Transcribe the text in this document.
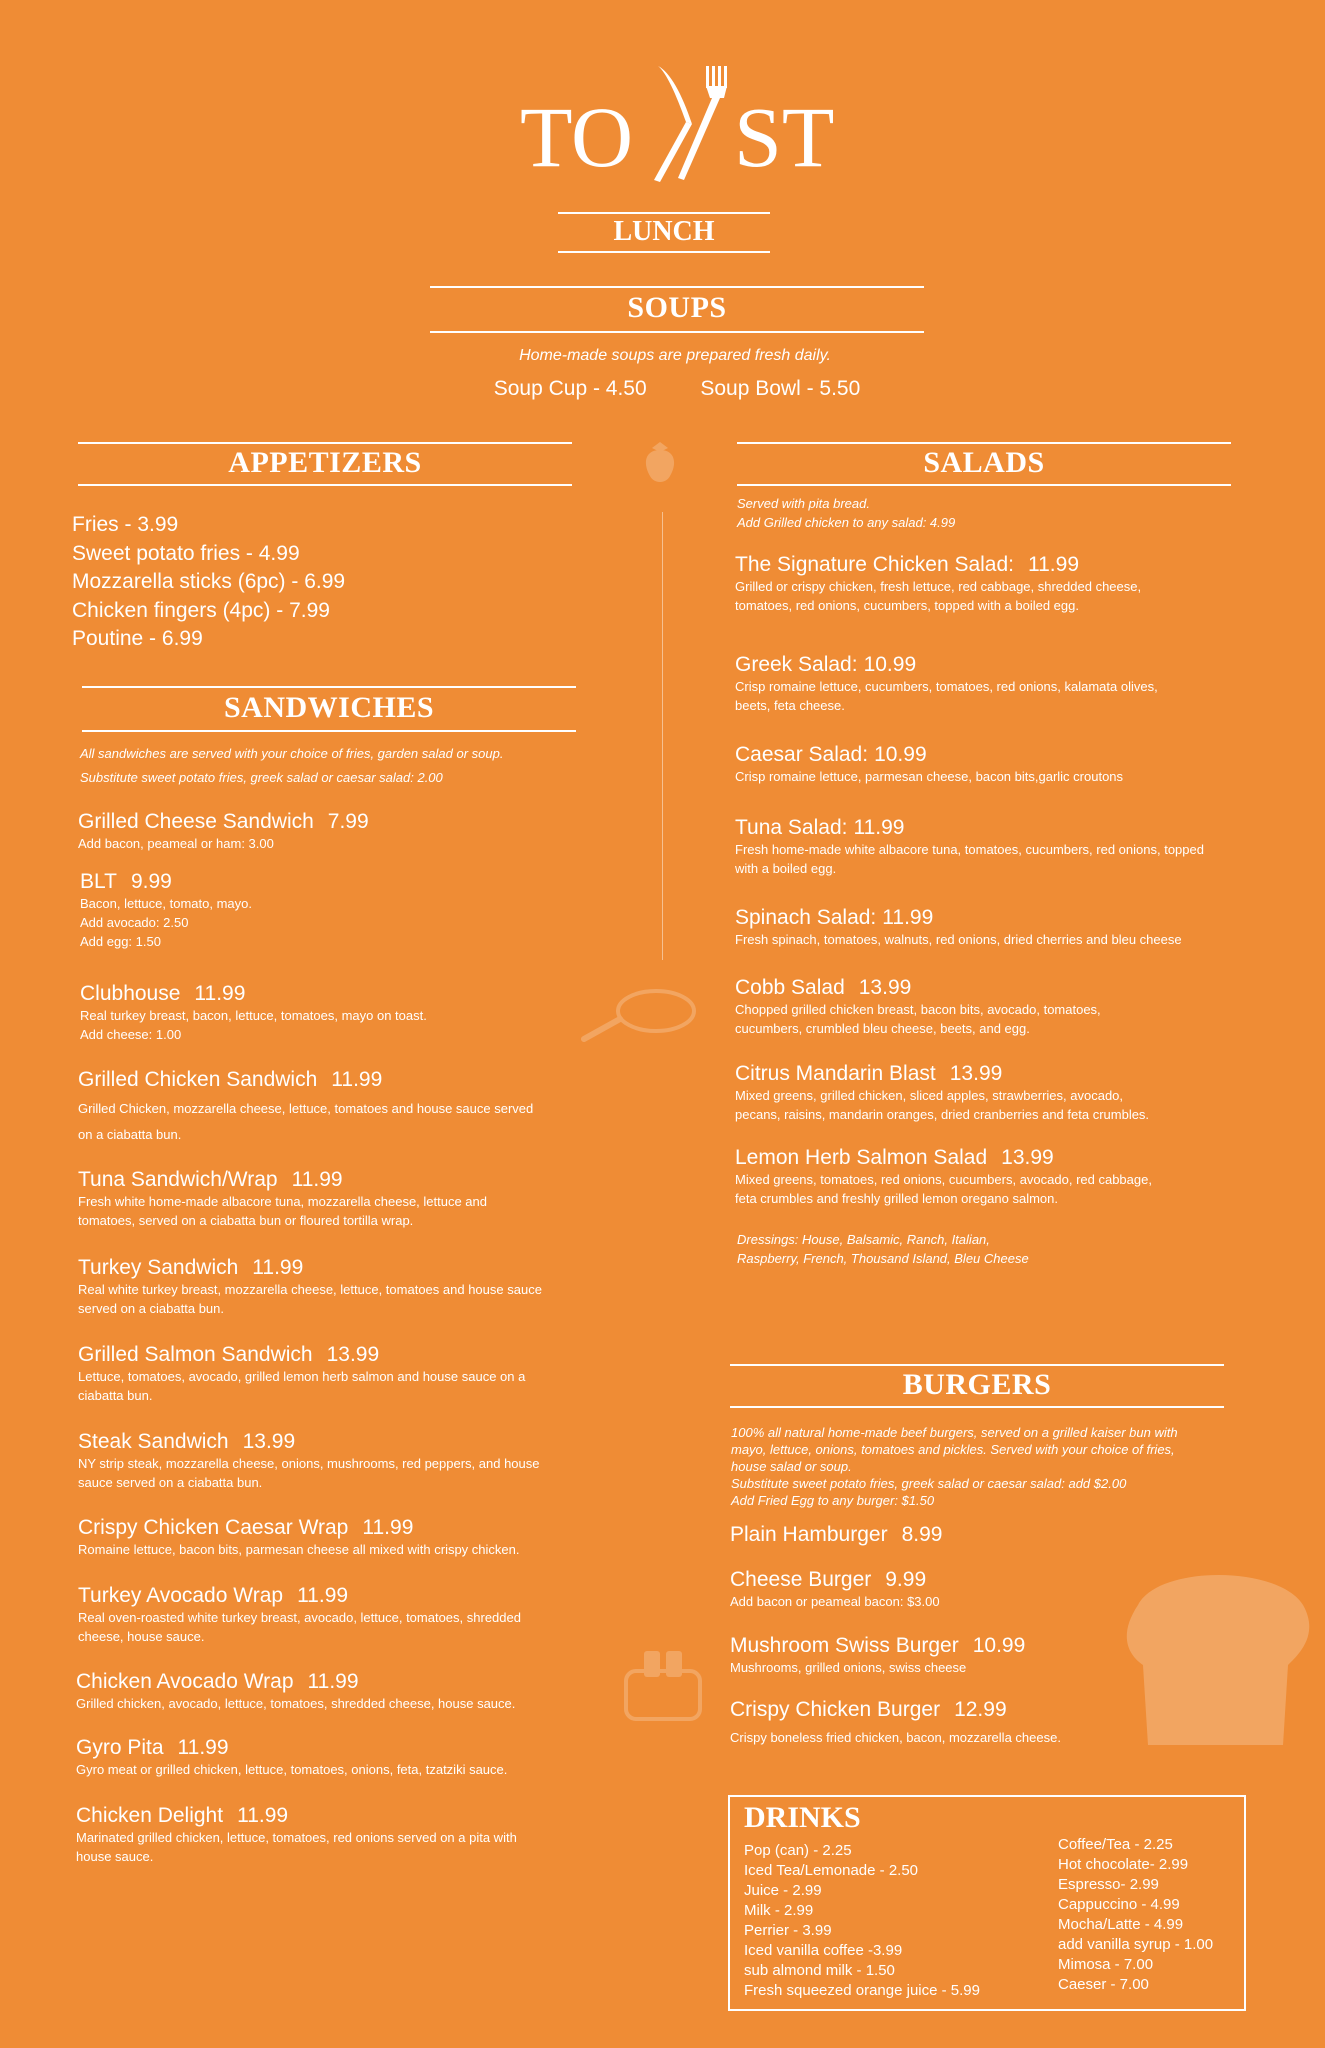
TO ST
LUNCH
SOUPS
Home-made soups are prepared fresh daily.
Soup Cup - 4.50	Soup Bowl - 5.50
APPETIZERS
Fries - 3.99
Sweet potato fries - 4.99
Mozzarella sticks (6pc) - 6.99
Chicken fingers (4pc) - 7.99
Poutine - 6.99
SANDWICHES
All sandwiches are served with your choice of fries, garden salad or soup.
Substitute sweet potato fries, greek salad or caesar salad: 2.00
Grilled Cheese Sandwich 7.99
Add bacon, peameal or ham: 3.00
BLT 9.99
Bacon, lettuce, tomato, mayo.
Add avocado: 2.50
Add egg: 1.50
Clubhouse 11.99
Real turkey breast, bacon, lettuce, tomatoes, mayo on toast.
Add cheese: 1.00
Grilled Chicken Sandwich 11.99
Grilled Chicken, mozzarella cheese, lettuce, tomatoes and house sauce served
on a ciabatta bun.
Tuna Sandwich/Wrap 11.99
Fresh white home-made albacore tuna, mozzarella cheese, lettuce and
tomatoes, served on a ciabatta bun or floured tortilla wrap.
Turkey Sandwich 11.99
Real white turkey breast, mozzarella cheese, lettuce, tomatoes and house sauce
served on a ciabatta bun.
Grilled Salmon Sandwich 13.99
Lettuce, tomatoes, avocado, grilled lemon herb salmon and house sauce on a
ciabatta bun.
Steak Sandwich 13.99
NY strip steak, mozzarella cheese, onions, mushrooms, red peppers, and house
sauce served on a ciabatta bun.
Crispy Chicken Caesar Wrap 11.99
Romaine lettuce, bacon bits, parmesan cheese all mixed with crispy chicken.
Turkey Avocado Wrap 11.99
Real oven-roasted white turkey breast, avocado, lettuce, tomatoes, shredded
cheese, house sauce.
Chicken Avocado Wrap 11.99
Grilled chicken, avocado, lettuce, tomatoes, shredded cheese, house sauce.
Gyro Pita 11.99
Gyro meat or grilled chicken, lettuce, tomatoes, onions, feta, tzatziki sauce.
Chicken Delight 11.99
Marinated grilled chicken, lettuce, tomatoes, red onions served on a pita with
house sauce.
SALADS
Served with pita bread.
Add Grilled chicken to any salad: 4.99
The Signature Chicken Salad: 11.99
Grilled or crispy chicken, fresh lettuce, red cabbage, shredded cheese,
tomatoes, red onions, cucumbers, topped with a boiled egg.
Greek Salad: 10.99
Crisp romaine lettuce, cucumbers, tomatoes, red onions, kalamata olives,
beets, feta cheese.
Caesar Salad: 10.99
Crisp romaine lettuce, parmesan cheese, bacon bits,garlic croutons
Tuna Salad: 11.99
Fresh home-made white albacore tuna, tomatoes, cucumbers, red onions, topped
with a boiled egg.
Spinach Salad: 11.99
Fresh spinach, tomatoes, walnuts, red onions, dried cherries and bleu cheese
Cobb Salad 13.99
Chopped grilled chicken breast, bacon bits, avocado, tomatoes,
cucumbers, crumbled bleu cheese, beets, and egg.
Citrus Mandarin Blast 13.99
Mixed greens, grilled chicken, sliced apples, strawberries, avocado,
pecans, raisins, mandarin oranges, dried cranberries and feta crumbles.
Lemon Herb Salmon Salad 13.99
Mixed greens, tomatoes, red onions, cucumbers, avocado, red cabbage,
feta crumbles and freshly grilled lemon oregano salmon.
Dressings: House, Balsamic, Ranch, Italian,
Raspberry, French, Thousand Island, Bleu Cheese
BURGERS
100% all natural home-made beef burgers, served on a grilled kaiser bun with
mayo, lettuce, onions, tomatoes and pickles. Served with your choice of fries,
house salad or soup.
Substitute sweet potato fries, greek salad or caesar salad: add $2.00
Add Fried Egg to any burger: $1.50
Plain Hamburger 8.99
Cheese Burger 9.99
Add bacon or peameal bacon: $3.00
Mushroom Swiss Burger 10.99
Mushrooms, grilled onions, swiss cheese
Crispy Chicken Burger 12.99
Crispy boneless fried chicken, bacon, mozzarella cheese.
DRINKS
Pop (can) - 2.25
Iced Tea/Lemonade - 2.50
Juice - 2.99
Milk - 2.99
Perrier - 3.99
Iced vanilla coffee -3.99
sub almond milk - 1.50
Fresh squeezed orange juice - 5.99
Coffee/Tea - 2.25
Hot chocolate- 2.99
Espresso- 2.99
Cappuccino - 4.99
Mocha/Latte - 4.99
add vanilla syrup - 1.00
Mimosa - 7.00
Caeser - 7.00
